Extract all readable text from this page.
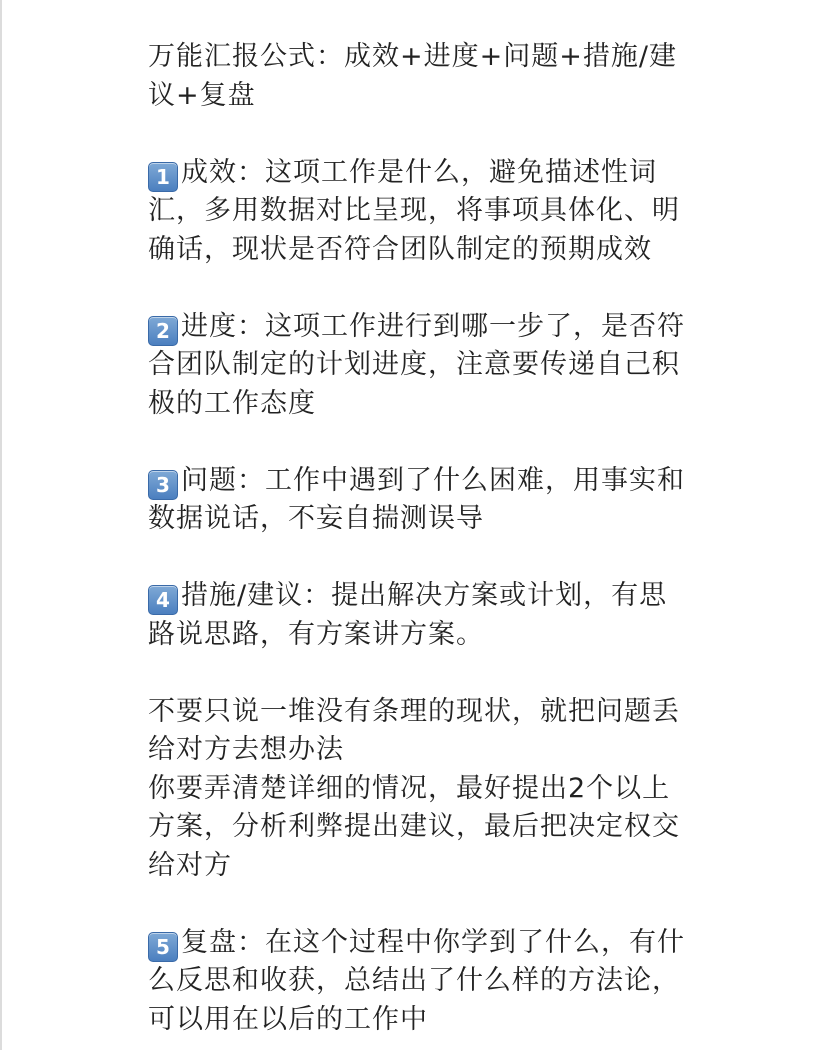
万能汇报公式：成效+进度+问题+措施/建
议+复盘

1 成效：这项工作是什么，避免描述性词
汇，多用数据对比呈现，将事项具体化、明
确话，现状是否符合团队制定的预期成效

2 进度：这项工作进行到哪一步了，是否符
合团队制定的计划进度，注意要传递自己积
极的工作态度

3 问题：工作中遇到了什么困难，用事实和
数据说话，不妄自揣测误导

4 措施/建议：提出解决方案或计划，有思
路说思路，有方案讲方案。

不要只说一堆没有条理的现状，就把问题丢
给对方去想办法
你要弄清楚详细的情况，最好提出2个以上
方案，分析利弊提出建议，最后把决定权交
给对方

5 复盘：在这个过程中你学到了什么，有什
么反思和收获，总结出了什么样的方法论，
可以用在以后的工作中
